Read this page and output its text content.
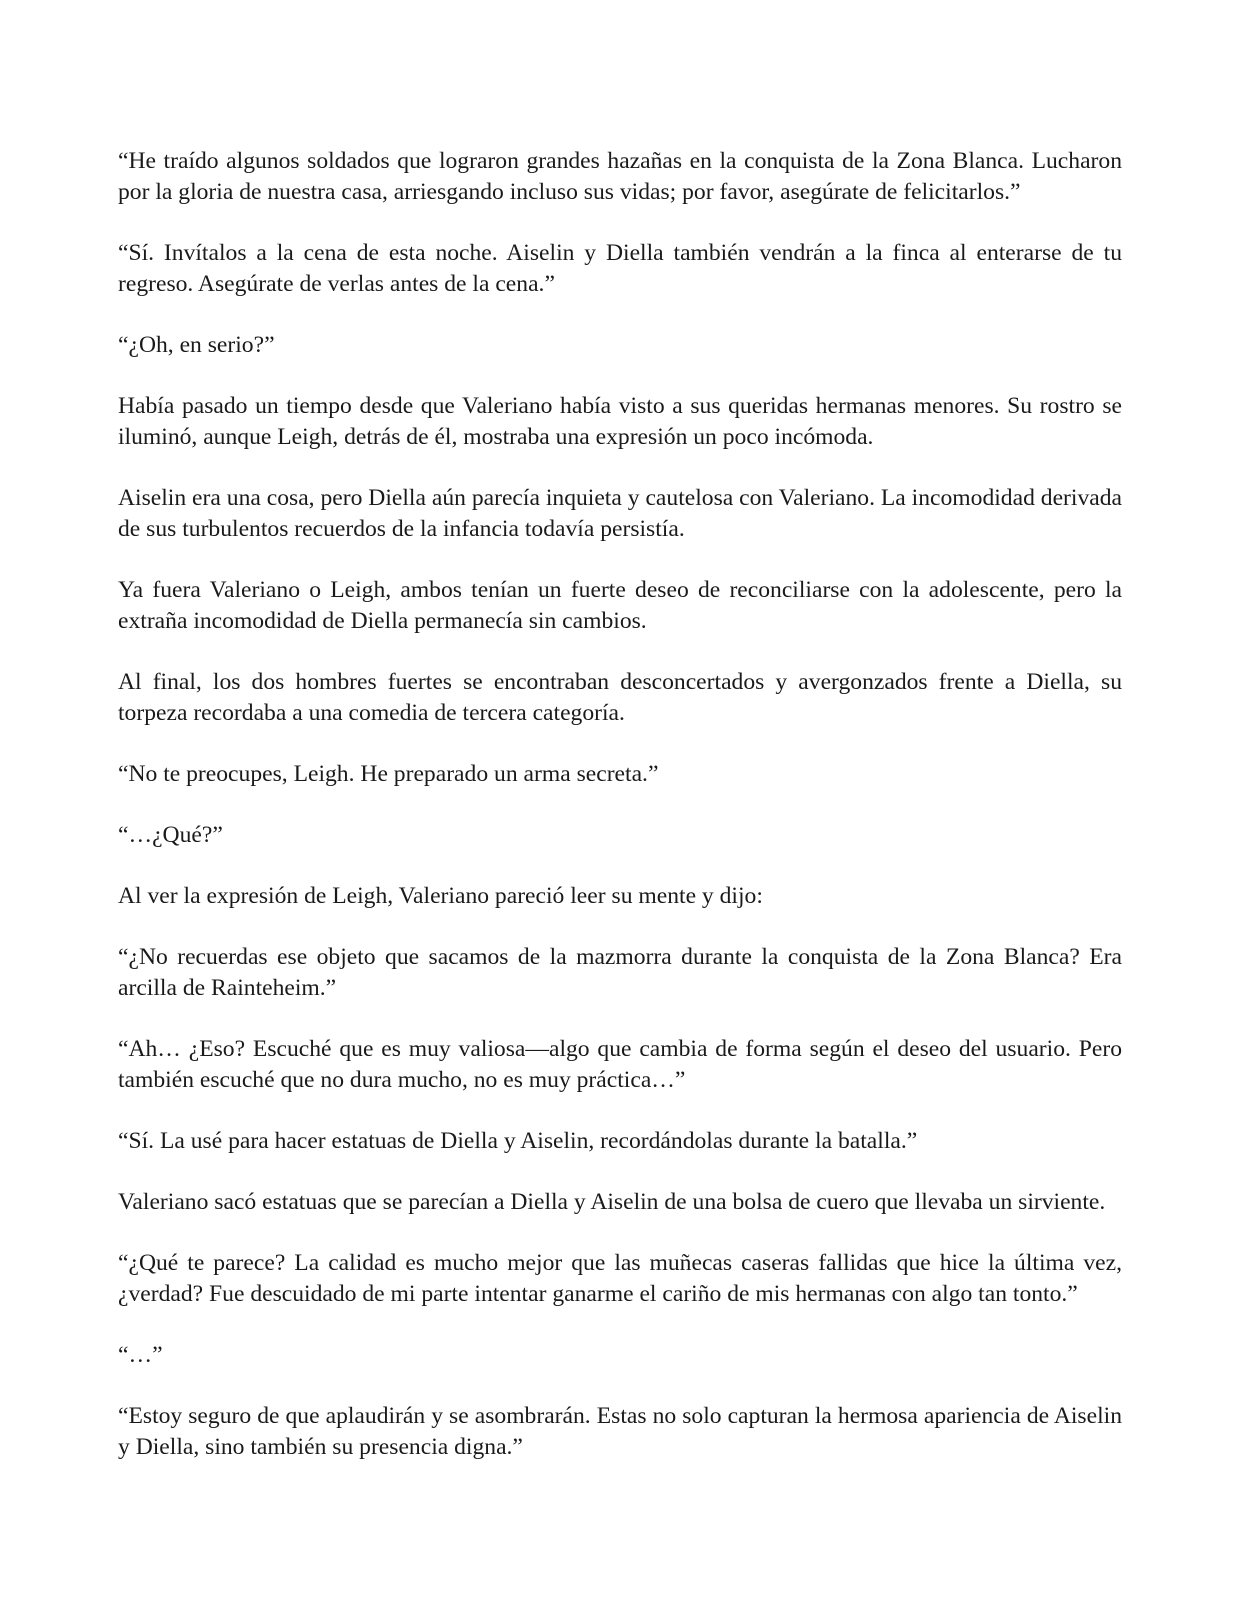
“He traído algunos soldados que lograron grandes hazañas en la conquista de la Zona Blanca. Lucharon por la gloria de nuestra casa, arriesgando incluso sus vidas; por favor, asegúrate de felicitarlos.”

“Sí. Invítalos a la cena de esta noche. Aiselin y Diella también vendrán a la finca al enterarse de tu regreso. Asegúrate de verlas antes de la cena.”

“¿Oh, en serio?”

Había pasado un tiempo desde que Valeriano había visto a sus queridas hermanas menores. Su rostro se iluminó, aunque Leigh, detrás de él, mostraba una expresión un poco incómoda.

Aiselin era una cosa, pero Diella aún parecía inquieta y cautelosa con Valeriano. La incomodidad derivada de sus turbulentos recuerdos de la infancia todavía persistía.

Ya fuera Valeriano o Leigh, ambos tenían un fuerte deseo de reconciliarse con la adolescente, pero la extraña incomodidad de Diella permanecía sin cambios.

Al final, los dos hombres fuertes se encontraban desconcertados y avergonzados frente a Diella, su torpeza recordaba a una comedia de tercera categoría.

“No te preocupes, Leigh. He preparado un arma secreta.”

“…¿Qué?”

Al ver la expresión de Leigh, Valeriano pareció leer su mente y dijo:

“¿No recuerdas ese objeto que sacamos de la mazmorra durante la conquista de la Zona Blanca? Era arcilla de Rainteheim.”

“Ah… ¿Eso? Escuché que es muy valiosa—algo que cambia de forma según el deseo del usuario. Pero también escuché que no dura mucho, no es muy práctica…”

“Sí. La usé para hacer estatuas de Diella y Aiselin, recordándolas durante la batalla.”

Valeriano sacó estatuas que se parecían a Diella y Aiselin de una bolsa de cuero que llevaba un sirviente.

“¿Qué te parece? La calidad es mucho mejor que las muñecas caseras fallidas que hice la última vez, ¿verdad? Fue descuidado de mi parte intentar ganarme el cariño de mis hermanas con algo tan tonto.”

“…”

“Estoy seguro de que aplaudirán y se asombrarán. Estas no solo capturan la hermosa apariencia de Aiselin y Diella, sino también su presencia digna.”
